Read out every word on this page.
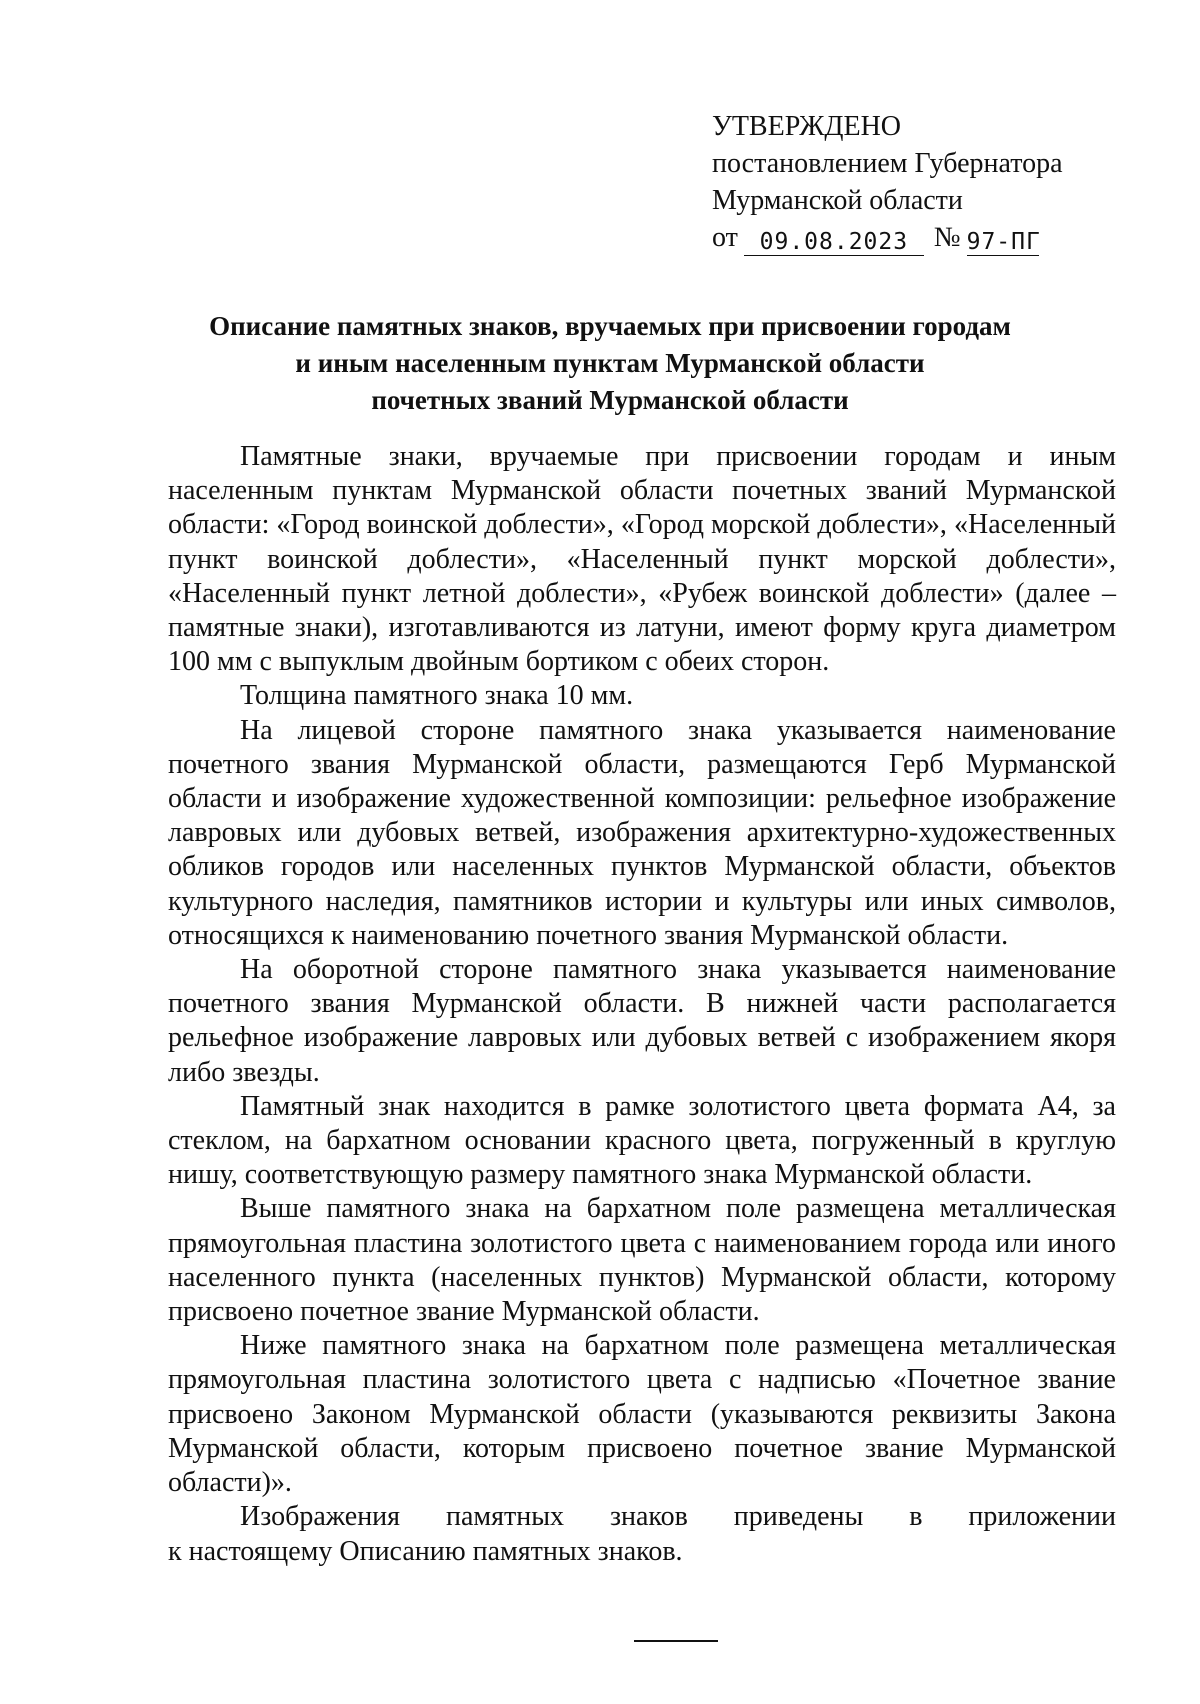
УТВЕРЖДЕНО
постановлением Губернатора
Мурманской области
от 09.08.2023 № 97-ПГ
Описание памятных знаков, вручаемых при присвоении городам
и иным населенным пунктам Мурманской области
почетных званий Мурманской области

Памятные знаки, вручаемые при присвоении городам и иным населенным пунктам Мурманской области почетных званий Мурманской области: «Город воинской доблести», «Город морской доблести», «Населенный пункт воинской доблести», «Населенный пункт морской доблести», «Населенный пункт летной доблести», «Рубеж воинской доблести» (далее – памятные знаки), изготавливаются из латуни, имеют форму круга диаметром 100 мм с выпуклым двойным бортиком с обеих сторон.

Толщина памятного знака 10 мм.

На лицевой стороне памятного знака указывается наименование почетного звания Мурманской области, размещаются Герб Мурманской области и изображение художественной композиции: рельефное изображение лавровых или дубовых ветвей, изображения архитектурно-художественных обликов городов или населенных пунктов Мурманской области, объектов культурного наследия, памятников истории и культуры или иных символов, относящихся к наименованию почетного звания Мурманской области.

На оборотной стороне памятного знака указывается наименование почетного звания Мурманской области. В нижней части располагается рельефное изображение лавровых или дубовых ветвей с изображением якоря либо звезды.

Памятный знак находится в рамке золотистого цвета формата А4, за стеклом, на бархатном основании красного цвета, погруженный в круглую нишу, соответствующую размеру памятного знака Мурманской области.

Выше памятного знака на бархатном поле размещена металлическая прямоугольная пластина золотистого цвета с наименованием города или иного населенного пункта (населенных пунктов) Мурманской области, которому присвоено почетное звание Мурманской области.

Ниже памятного знака на бархатном поле размещена металлическая прямоугольная пластина золотистого цвета с надписью «Почетное звание присвоено Законом Мурманской области (указываются реквизиты Закона Мурманской области, которым присвоено почетное звание Мурманской области)».

Изображения памятных знаков приведены в приложении

к настоящему Описанию памятных знаков.
